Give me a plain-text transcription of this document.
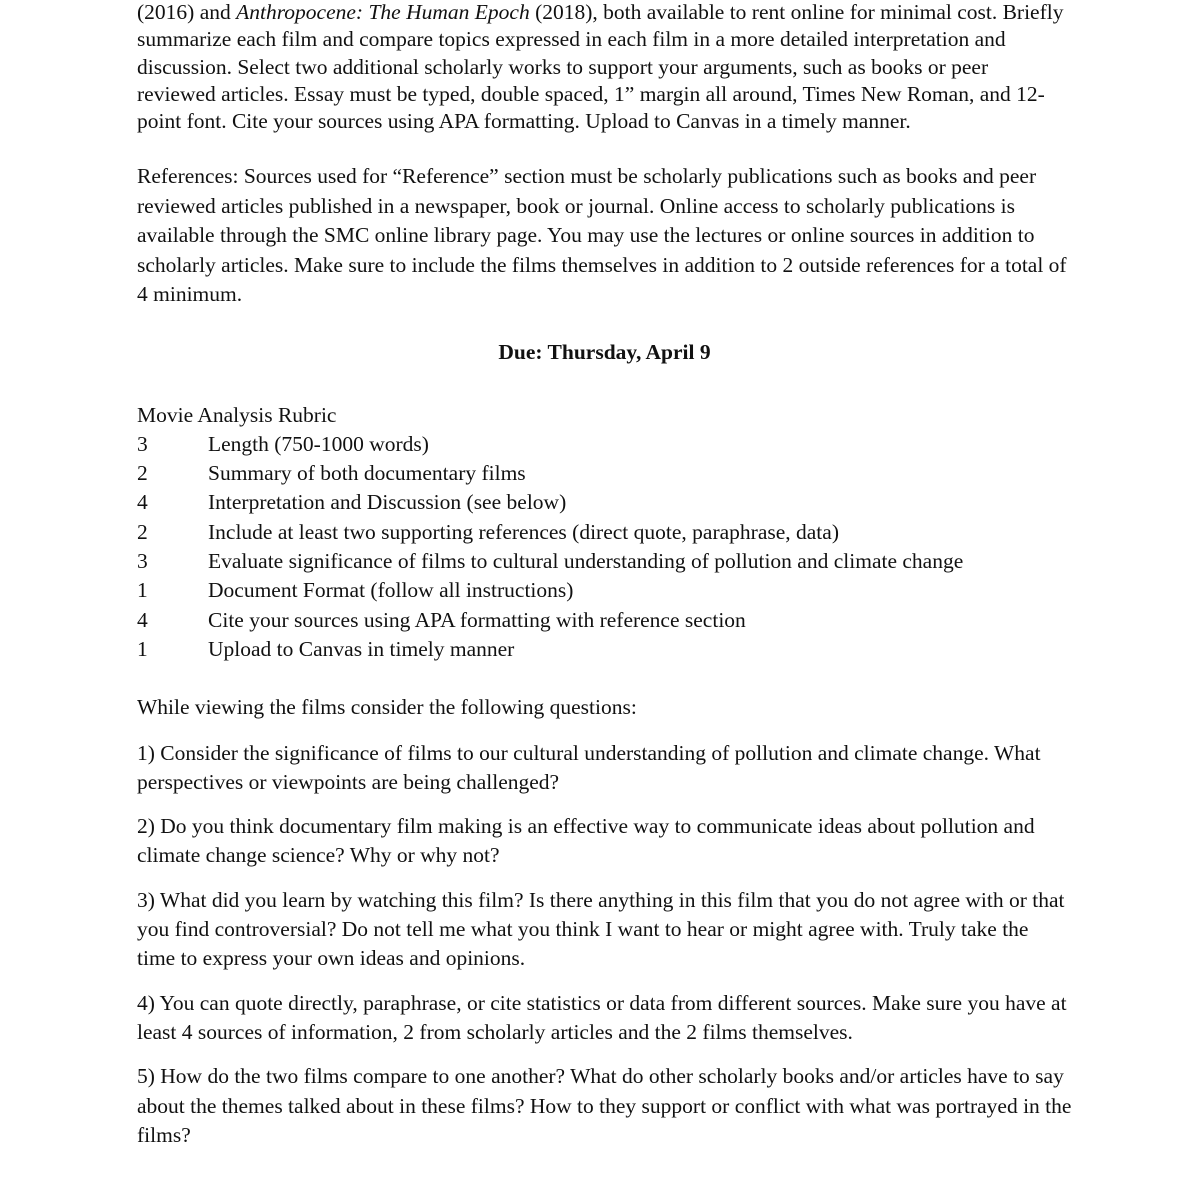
(2016) and Anthropocene: The Human Epoch (2018), both available to rent online for minimal cost. Briefly summarize each film and compare topics expressed in each film in a more detailed interpretation and discussion. Select two additional scholarly works to support your arguments, such as books or peer reviewed articles. Essay must be typed, double spaced, 1” margin all around, Times New Roman, and 12-point font. Cite your sources using APA formatting. Upload to Canvas in a timely manner.

References: Sources used for “Reference” section must be scholarly publications such as books and peer reviewed articles published in a newspaper, book or journal. Online access to scholarly publications is available through the SMC online library page. You may use the lectures or online sources in addition to scholarly articles. Make sure to include the films themselves in addition to 2 outside references for a total of 4 minimum.

Due: Thursday, April 9

Movie Analysis Rubric
3	Length (750-1000 words)
2	Summary of both documentary films
4	Interpretation and Discussion (see below)
2	Include at least two supporting references (direct quote, paraphrase, data)
3	Evaluate significance of films to cultural understanding of pollution and climate change
1	Document Format (follow all instructions)
4	Cite your sources using APA formatting with reference section
1	Upload to Canvas in timely manner

While viewing the films consider the following questions:

1) Consider the significance of films to our cultural understanding of pollution and climate change. What perspectives or viewpoints are being challenged?

2) Do you think documentary film making is an effective way to communicate ideas about pollution and climate change science? Why or why not?

3) What did you learn by watching this film? Is there anything in this film that you do not agree with or that you find controversial? Do not tell me what you think I want to hear or might agree with. Truly take the time to express your own ideas and opinions.

4) You can quote directly, paraphrase, or cite statistics or data from different sources. Make sure you have at least 4 sources of information, 2 from scholarly articles and the 2 films themselves.

5) How do the two films compare to one another? What do other scholarly books and/or articles have to say about the themes talked about in these films? How to they support or conflict with what was portrayed in the films?
